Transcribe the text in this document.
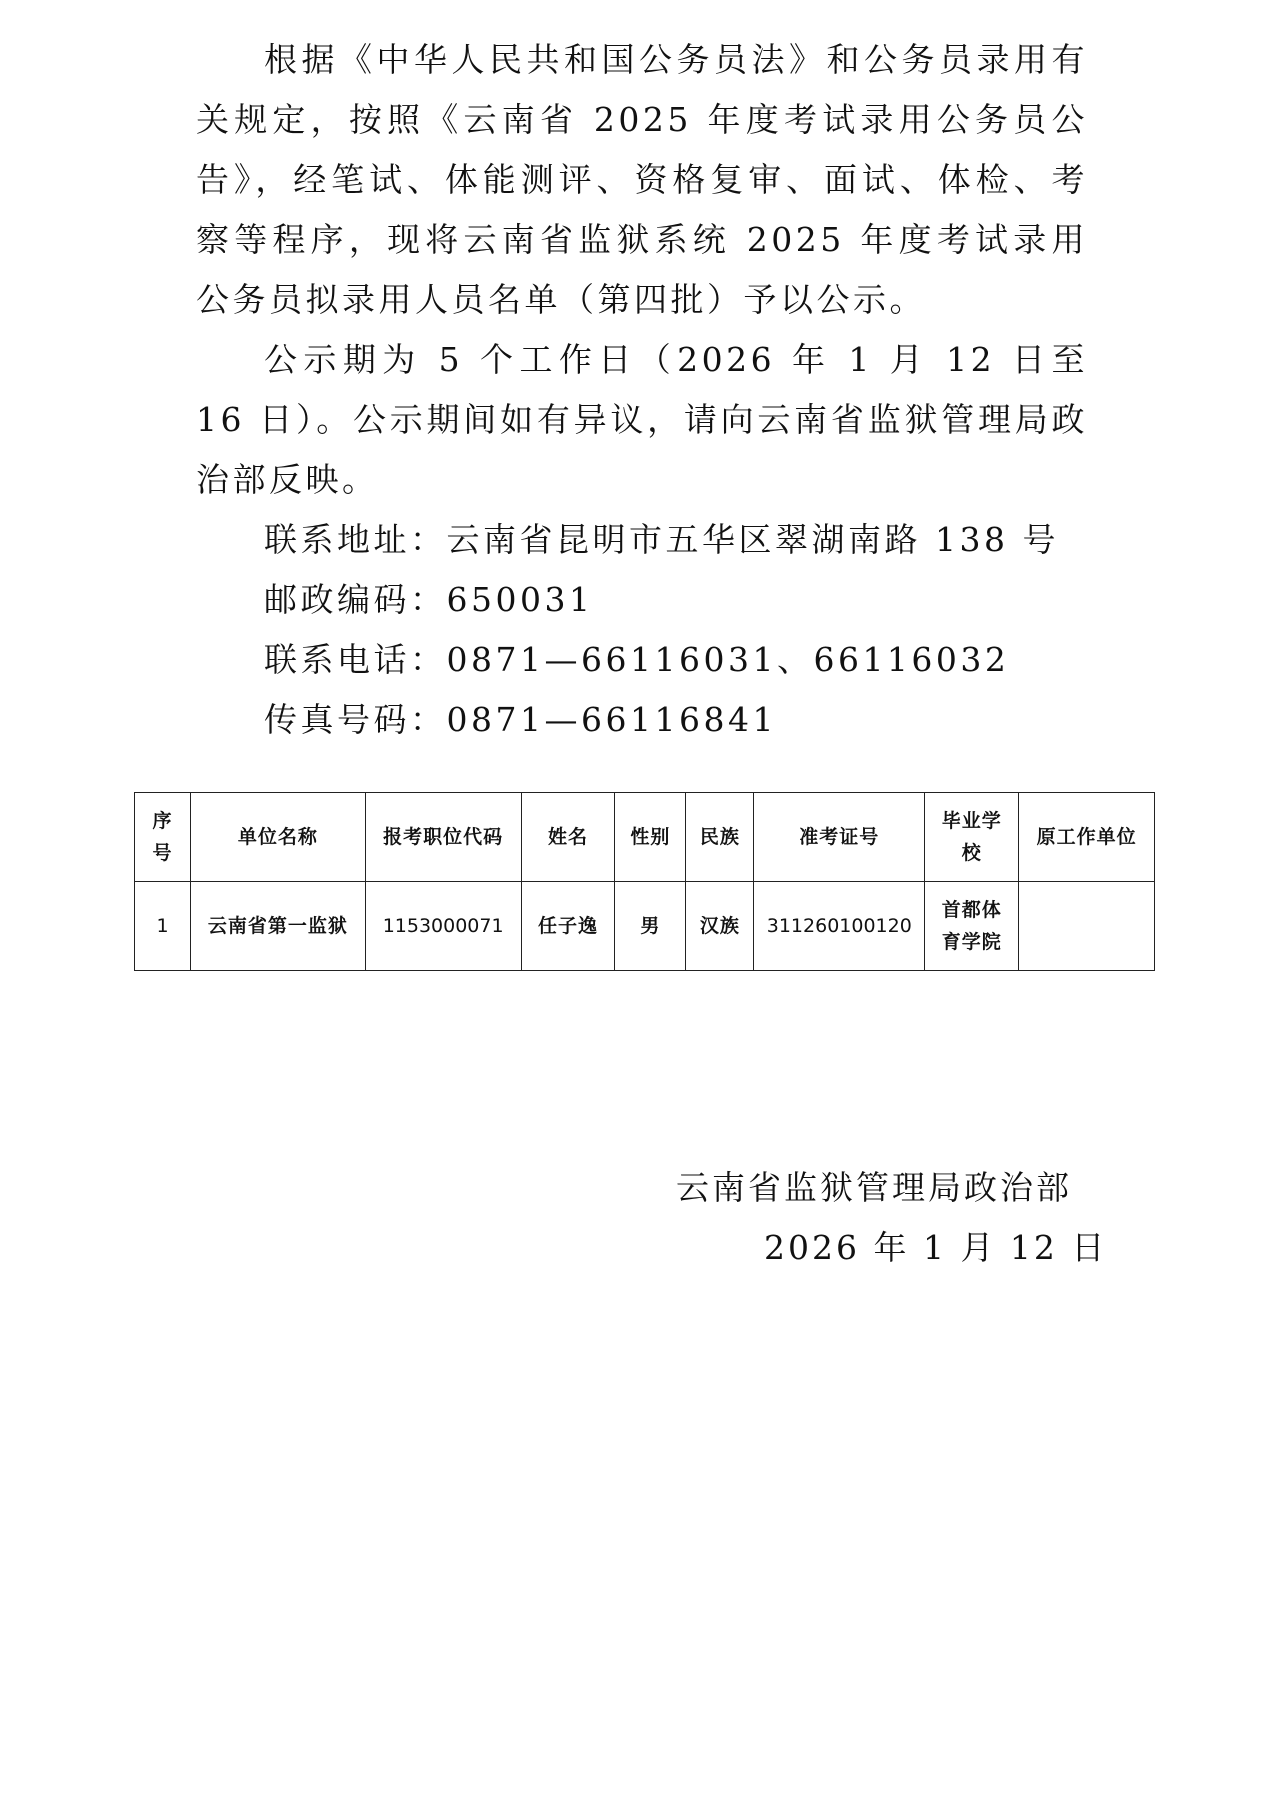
根据《中华人民共和国公务员法》和公务员录用有关规定，按照《云南省 2025 年度考试录用公务员公告》，经笔试、体能测评、资格复审、面试、体检、考察等程序，现将云南省监狱系统 2025 年度考试录用公务员拟录用人员名单（第四批）予以公示。

公示期为 5 个工作日（2026 年 1 月 12 日至 16 日）。公示期间如有异议，请向云南省监狱管理局政治部反映。

联系地址：云南省昆明市五华区翠湖南路 138 号

邮政编码：650031

联系电话：0871—66116031、66116032

传真号码：0871—66116841

序号	单位名称	报考职位代码	姓名	性别	民族	准考证号	毕业学校	原工作单位
1	云南省第一监狱	1153000071	任子逸	男	汉族	311260100120	首都体育学院	
云南省监狱管理局政治部
2026 年 1 月 12 日
